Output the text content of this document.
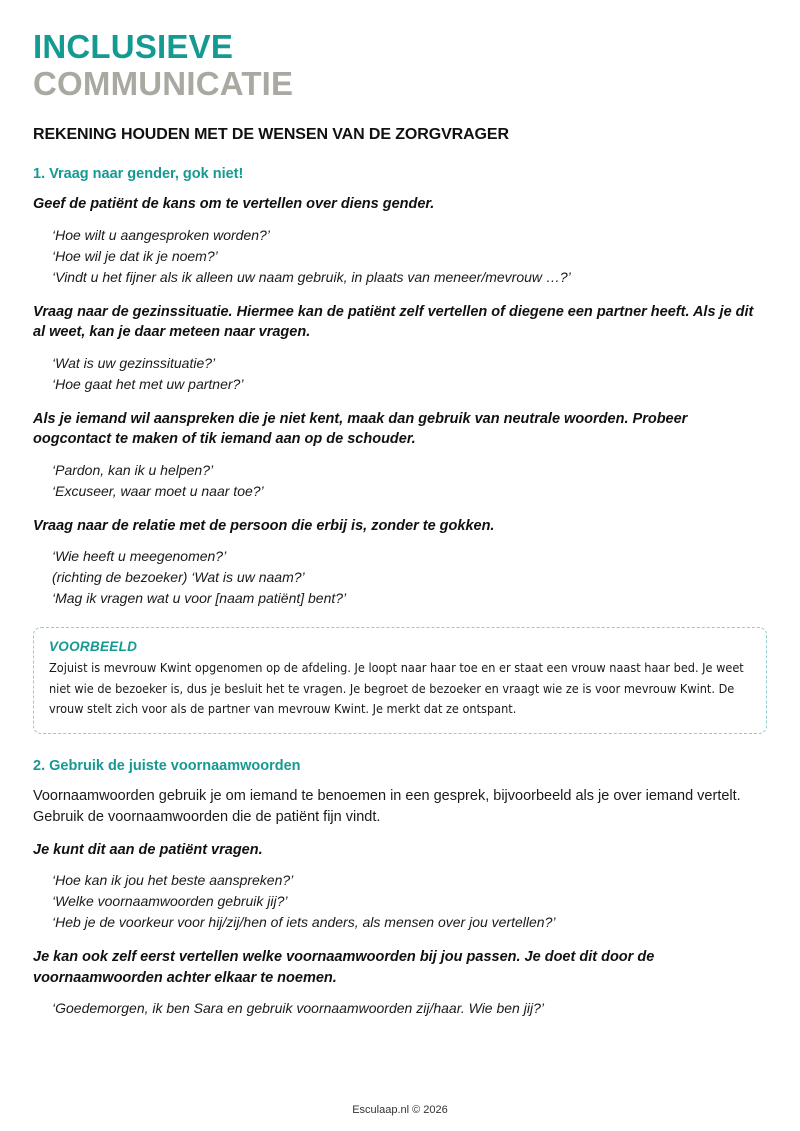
INCLUSIEVE
COMMUNICATIE
REKENING HOUDEN MET DE WENSEN VAN DE ZORGVRAGER
1. Vraag naar gender, gok niet!

Geef de patiënt de kans om te vertellen over diens gender.

‘Hoe wilt u aangesproken worden?’
‘Hoe wil je dat ik je noem?’
‘Vindt u het fijner als ik alleen uw naam gebruik, in plaats van meneer/mevrouw …?’

Vraag naar de gezinssituatie. Hiermee kan de patiënt zelf vertellen of diegene een partner heeft. Als je dit al weet, kan je daar meteen naar vragen.

‘Wat is uw gezinssituatie?’
‘Hoe gaat het met uw partner?’

Als je iemand wil aanspreken die je niet kent, maak dan gebruik van neutrale woorden. Probeer oogcontact te maken of tik iemand aan op de schouder.

‘Pardon, kan ik u helpen?’
‘Excuseer, waar moet u naar toe?’

Vraag naar de relatie met de persoon die erbij is, zonder te gokken.

‘Wie heeft u meegenomen?’
(richting de bezoeker) ‘Wat is uw naam?’
‘Mag ik vragen wat u voor [naam patiënt] bent?’
VOORBEELD

Zojuist is mevrouw Kwint opgenomen op de afdeling. Je loopt naar haar toe en er staat een vrouw naast haar bed. Je weet niet wie de bezoeker is, dus je besluit het te vragen. Je begroet de bezoeker en vraagt wie ze is voor mevrouw Kwint. De vrouw stelt zich voor als de partner van mevrouw Kwint. Je merkt dat ze ontspant.

2. Gebruik de juiste voornaamwoorden

Voornaamwoorden gebruik je om iemand te benoemen in een gesprek, bijvoorbeeld als je over iemand vertelt. Gebruik de voornaamwoorden die de patiënt fijn vindt.

Je kunt dit aan de patiënt vragen.

‘Hoe kan ik jou het beste aanspreken?’
‘Welke voornaamwoorden gebruik jij?’
‘Heb je de voorkeur voor hij/zij/hen of iets anders, als mensen over jou vertellen?’

Je kan ook zelf eerst vertellen welke voornaamwoorden bij jou passen. Je doet dit door de voornaamwoorden achter elkaar te noemen.

‘Goedemorgen, ik ben Sara en gebruik voornaamwoorden zij/haar. Wie ben jij?’
Esculaap.nl © 2026
